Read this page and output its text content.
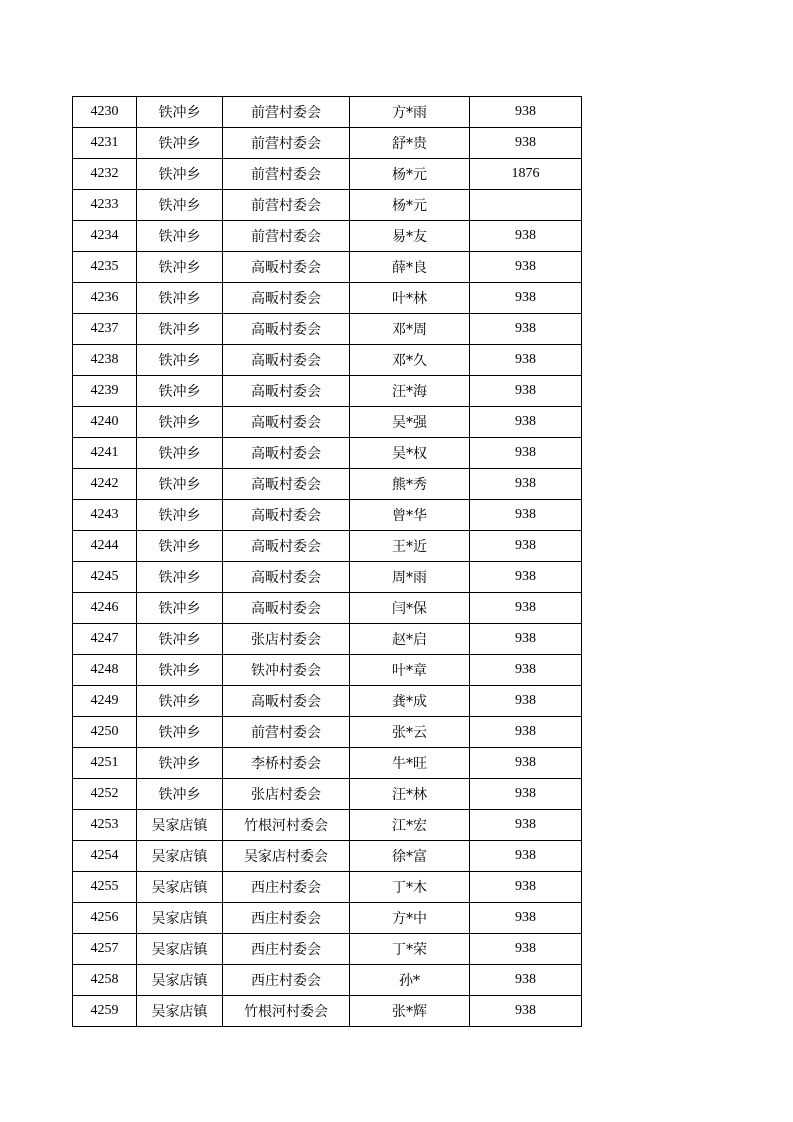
4230	铁冲乡	前营村委会	方*雨	938
4231	铁冲乡	前营村委会	舒*贵	938
4232	铁冲乡	前营村委会	杨*元	1876
4233	铁冲乡	前营村委会	杨*元	
4234	铁冲乡	前营村委会	易*友	938
4235	铁冲乡	高畈村委会	薛*良	938
4236	铁冲乡	高畈村委会	叶*林	938
4237	铁冲乡	高畈村委会	邓*周	938
4238	铁冲乡	高畈村委会	邓*久	938
4239	铁冲乡	高畈村委会	汪*海	938
4240	铁冲乡	高畈村委会	吴*强	938
4241	铁冲乡	高畈村委会	吴*权	938
4242	铁冲乡	高畈村委会	熊*秀	938
4243	铁冲乡	高畈村委会	曾*华	938
4244	铁冲乡	高畈村委会	王*近	938
4245	铁冲乡	高畈村委会	周*雨	938
4246	铁冲乡	高畈村委会	闫*保	938
4247	铁冲乡	张店村委会	赵*启	938
4248	铁冲乡	铁冲村委会	叶*章	938
4249	铁冲乡	高畈村委会	龚*成	938
4250	铁冲乡	前营村委会	张*云	938
4251	铁冲乡	李桥村委会	牛*旺	938
4252	铁冲乡	张店村委会	汪*林	938
4253	吴家店镇	竹根河村委会	江*宏	938
4254	吴家店镇	吴家店村委会	徐*富	938
4255	吴家店镇	西庄村委会	丁*木	938
4256	吴家店镇	西庄村委会	方*中	938
4257	吴家店镇	西庄村委会	丁*荣	938
4258	吴家店镇	西庄村委会	孙*	938
4259	吴家店镇	竹根河村委会	张*辉	938
